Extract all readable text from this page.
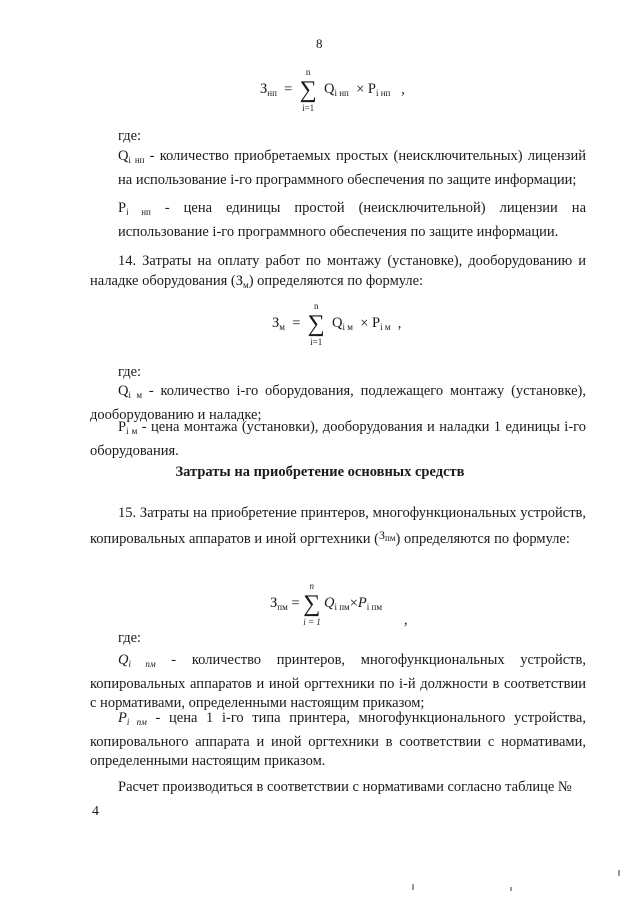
8
$З_{нп}$ = ∑
n
i=1
$Q_{i нп} \times P_{i нп}$ ,
где:
$Q_{i нп}$ - количество приобретаемых простых (неисключительных) лицензий на использование i-го программного обеспечения по защите информации;
$P_{i нп}$ - цена единицы простой (неисключительной) лицензии на использование i-го программного обеспечения по защите информации.
14. Затраты на оплату работ по монтажу (установке), дооборудованию и наладке оборудования $(З_м)$ определяются по формуле:
$З_м$ = ∑
n
i=1
$Q_{i м} \times P_{i м}$ ,
где:
$Q_{i м}$ - количество i-го оборудования, подлежащего монтажу (установке), дооборудованию и наладке;
$P_{i м}$ - цена монтажа (установки), дооборудования и наладки 1 единицы i-го оборудования.
Затраты на приобретение основных средств
15. Затраты на приобретение принтеров, многофункциональных устройств, копировальных аппаратов и иной оргтехники ($^З_{пм}$) определяются по формуле:
$З_{пм}$ = ∑
n
i = 1
$Q_{i пм}\times P_{i пм}$
,
где:
$Q_{i пм}$ - количество принтеров, многофункциональных устройств, копировальных аппаратов и иной оргтехники по i-й должности в соответствии с нормативами, определенными настоящим приказом;
$P_{i пм}$ - цена 1 i-го типа принтера, многофункционального устройства, копировального аппарата и иной оргтехники в соответствии с нормативами, определенными настоящим приказом.
Расчет производиться в соответствии с нормативами согласно таблице №
4
